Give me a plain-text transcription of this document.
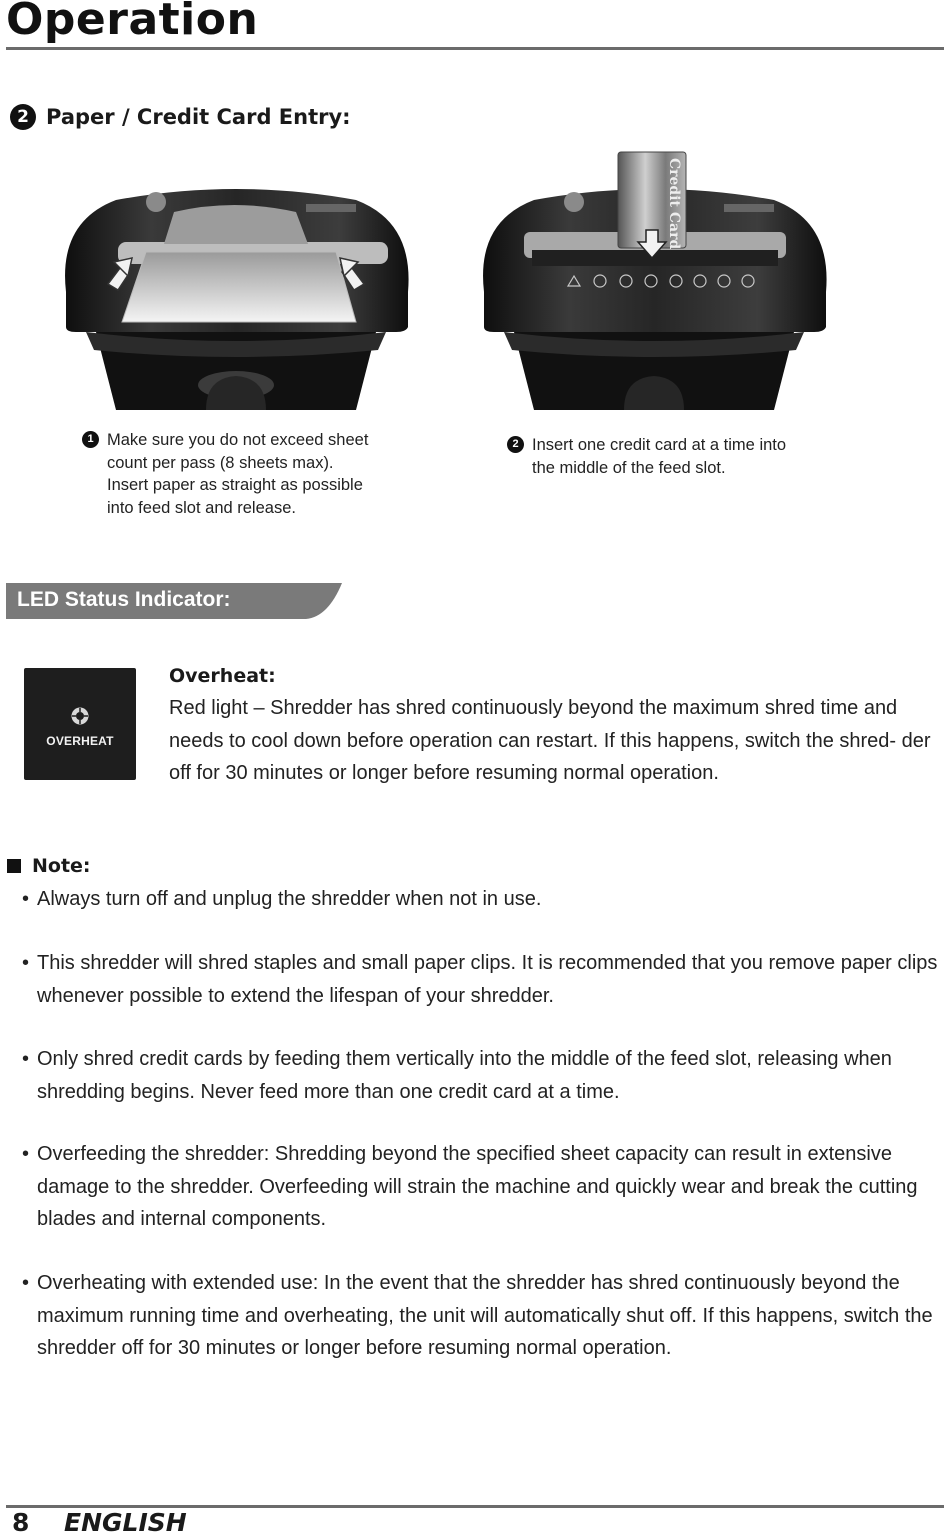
Operation
2 Paper / Credit Card Entry:
Credit Card
1 Make sure you do not exceed sheet
count per pass (8 sheets max).
Insert paper as straight as possible
into feed slot and release.
2 Insert one credit card at a time into
the middle of the feed slot.
LED Status Indicator:
OVERHEAT
Overheat:
Red light – Shredder has shred continuously beyond the maximum shred time and needs to cool down before operation can restart. If this happens, switch the shred- der off for 30 minutes or longer before resuming normal operation.
Note:
• Always turn off and unplug the shredder when not in use.
• This shredder will shred staples and small paper clips. It is recommended that you remove paper clips whenever possible to extend the lifespan of your shredder.
• Only shred credit cards by feeding them vertically into the middle of the feed slot, releasing when shredding begins. Never feed more than one credit card at a time.
• Overfeeding the shredder: Shredding beyond the specified sheet capacity can result in extensive damage to the shredder. Overfeeding will strain the machine and quickly wear and break the cutting blades and internal components.
• Overheating with extended use: In the event that the shredder has shred continuously beyond the maximum running time and overheating, the unit will automatically shut off. If this happens, switch the shredder off for 30 minutes or longer before resuming normal operation.
8 ENGLISH
